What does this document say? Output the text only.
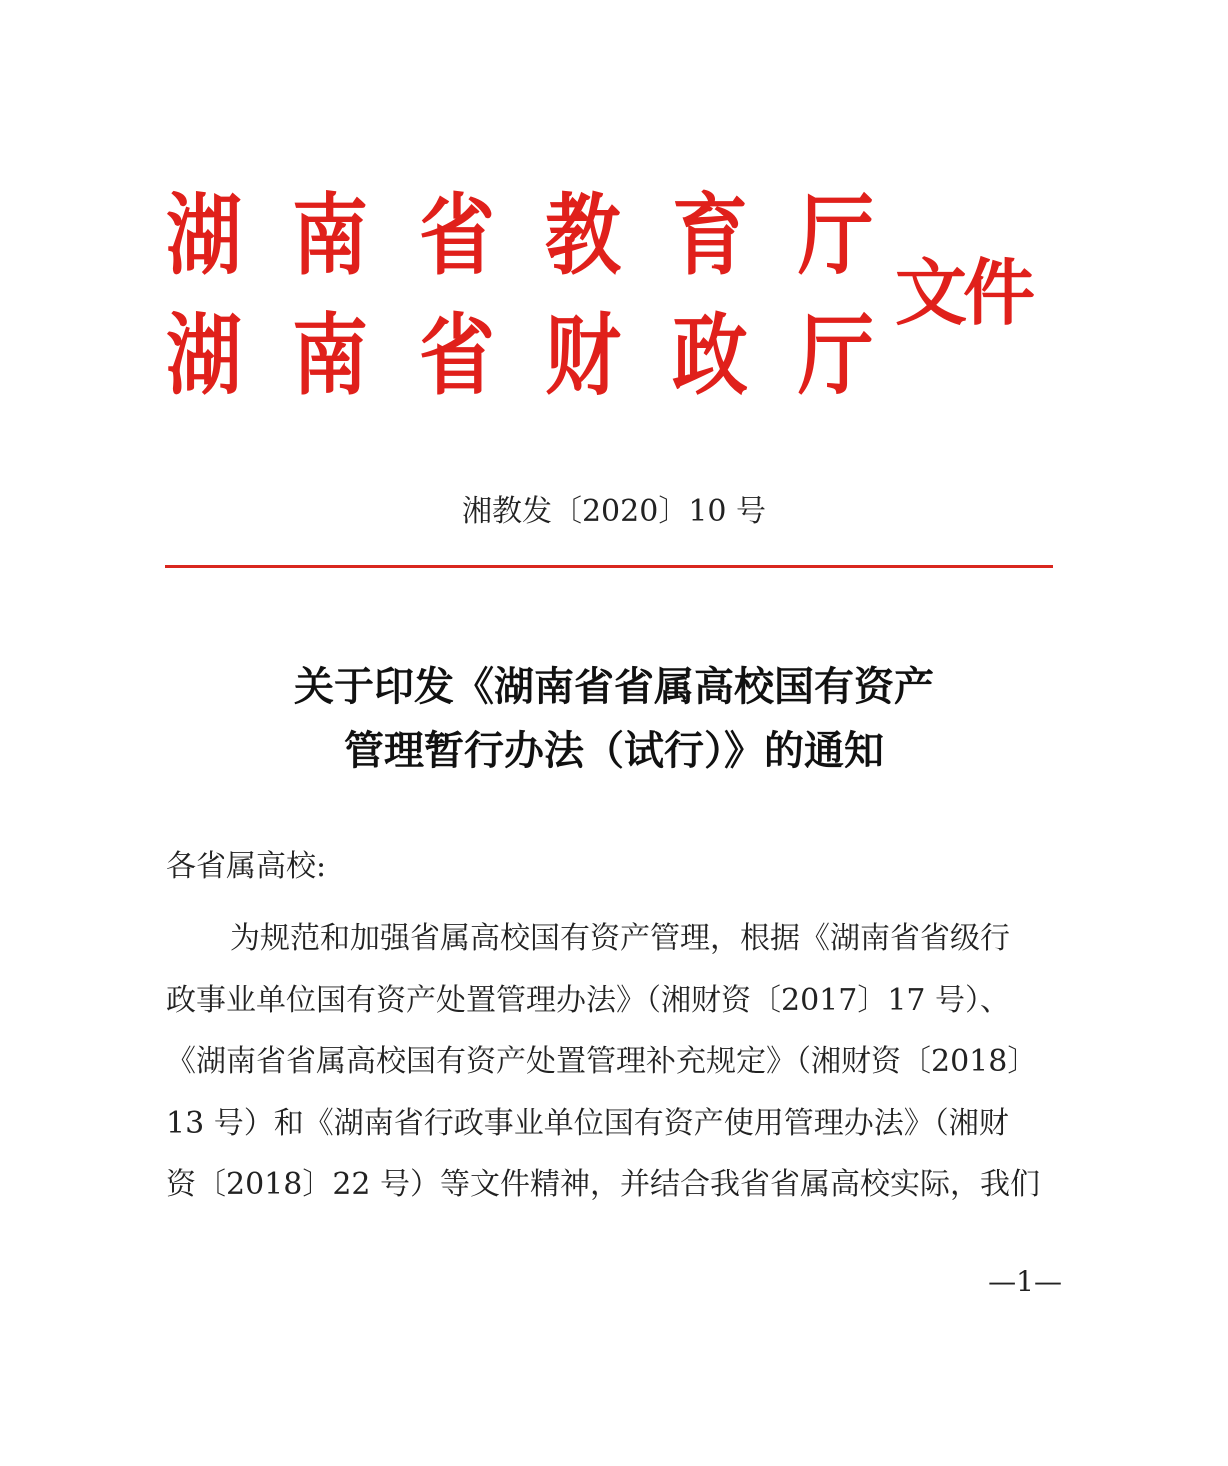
湖 南 省 教 育 厅
湖 南 省 财 政 厅
文件
湘教发〔2020〕10 号
关于印发《湖南省省属高校国有资产
管理暂行办法（试行）》的通知
各省属高校:
为规范和加强省属高校国有资产管理，根据《湖南省省级行
政事业单位国有资产处置管理办法》（湘财资〔2017〕17 号）、
《湖南省省属高校国有资产处置管理补充规定》（湘财资〔2018〕
13 号）和《湖南省行政事业单位国有资产使用管理办法》（湘财
资〔2018〕22 号）等文件精神，并结合我省省属高校实际，我们
—1—
